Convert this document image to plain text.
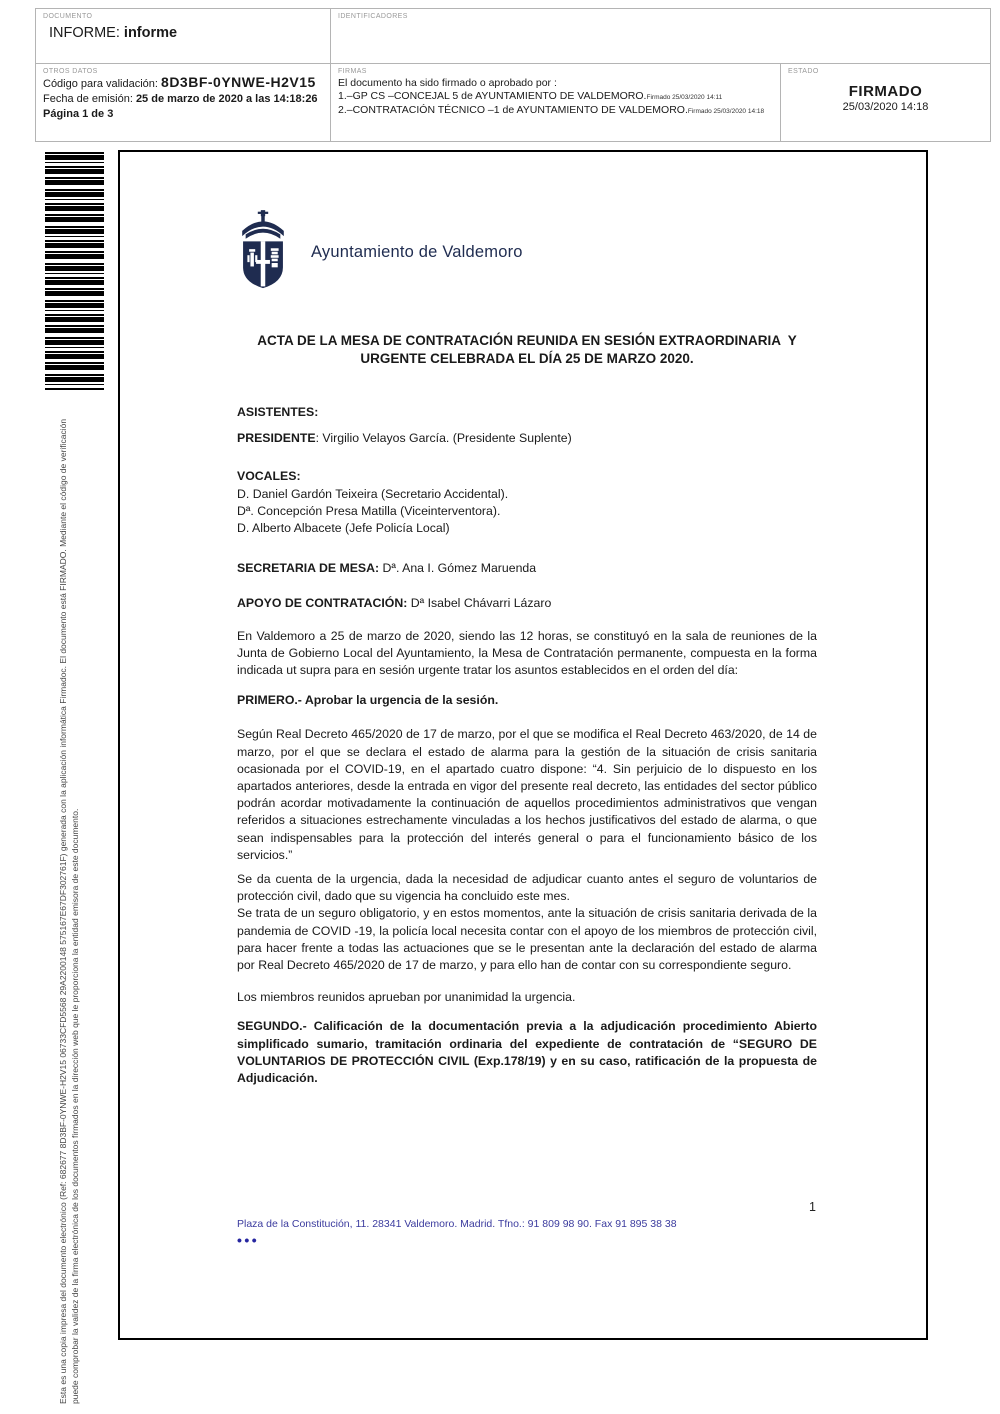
DOCUMENTO
INFORME: informe
IDENTIFICADORES
OTROS DATOS
Código para validación: 8D3BF-0YNWE-H2V15
Fecha de emisión: 25 de marzo de 2020 a las 14:18:26
Página 1 de 3
FIRMAS
El documento ha sido firmado o aprobado por :
1.–GP CS –CONCEJAL 5 de AYUNTAMIENTO DE VALDEMORO.Firmado 25/03/2020 14:11
2.–CONTRATACIÓN TÉCNICO –1 de AYUNTAMIENTO DE VALDEMORO.Firmado 25/03/2020 14:18
ESTADO
FIRMADO
25/03/2020 14:18
Esta es una copia impresa del documento electrónico (Ref: 682677 8D3BF-0YNWE-H2V15 06733CFD5568 29A2200148 575167E67DF302761F) generada con la aplicación informática Firmadoc. El documento está FIRMADO. Mediante el código de verificación puede comprobar la validez de la firma electrónica de los documentos firmados en la dirección web que le proporciona la entidad emisora de este documento.
Ayuntamiento de Valdemoro
ACTA DE LA MESA DE CONTRATACIÓN REUNIDA EN SESIÓN EXTRAORDINARIA  Y
URGENTE CELEBRADA EL DÍA 25 DE MARZO 2020.
ASISTENTES:
PRESIDENTE: Virgilio Velayos García. (Presidente Suplente)
VOCALES:
D. Daniel Gardón Teixeira (Secretario Accidental).
Dª. Concepción Presa Matilla (Viceinterventora).
D. Alberto Albacete (Jefe Policía Local)
SECRETARIA DE MESA: Dª. Ana I. Gómez Maruenda
APOYO DE CONTRATACIÓN: Dª Isabel Chávarri Lázaro
En Valdemoro a 25 de marzo de 2020, siendo las 12 horas, se constituyó en la sala de reuniones de la Junta de Gobierno Local del Ayuntamiento, la Mesa de Contratación permanente, compuesta en la forma indicada ut supra para en sesión urgente tratar los asuntos establecidos en el orden del día:
PRIMERO.- Aprobar la urgencia de la sesión.
Según Real Decreto 465/2020 de 17 de marzo, por el que se modifica el Real Decreto 463/2020, de 14 de marzo, por el que se declara el estado de alarma para la gestión de la situación de crisis sanitaria ocasionada por el COVID-19, en el apartado cuatro dispone: “4. Sin perjuicio de lo dispuesto en los apartados anteriores, desde la entrada en vigor del presente real decreto, las entidades del sector público podrán acordar motivadamente la continuación de aquellos procedimientos administrativos que vengan referidos a situaciones estrechamente vinculadas a los hechos justificativos del estado de alarma, o que sean indispensables para la protección del interés general o para el funcionamiento básico de los servicios.”
Se da cuenta de la urgencia, dada la necesidad de adjudicar cuanto antes el seguro de voluntarios de protección civil, dado que su vigencia ha concluido este mes.
Se trata de un seguro obligatorio, y en estos momentos, ante la situación de crisis sanitaria derivada de la pandemia de COVID -19, la policía local necesita contar con el apoyo de los miembros de protección civil, para hacer frente a todas las actuaciones que se le presentan ante la declaración del estado de alarma por Real Decreto 465/2020 de 17 de marzo, y para ello han de contar con su correspondiente seguro.
Los miembros reunidos aprueban por unanimidad la urgencia.
SEGUNDO.- Calificación de la documentación previa a la adjudicación procedimiento Abierto simplificado sumario, tramitación ordinaria del expediente de contratación de “SEGURO DE VOLUNTARIOS DE PROTECCIÓN CIVIL (Exp.178/19) y en su caso, ratificación de la propuesta de Adjudicación.
1
Plaza de la Constitución, 11. 28341 Valdemoro. Madrid. Tfno.: 91 809 98 90. Fax 91 895 38 38
•••
